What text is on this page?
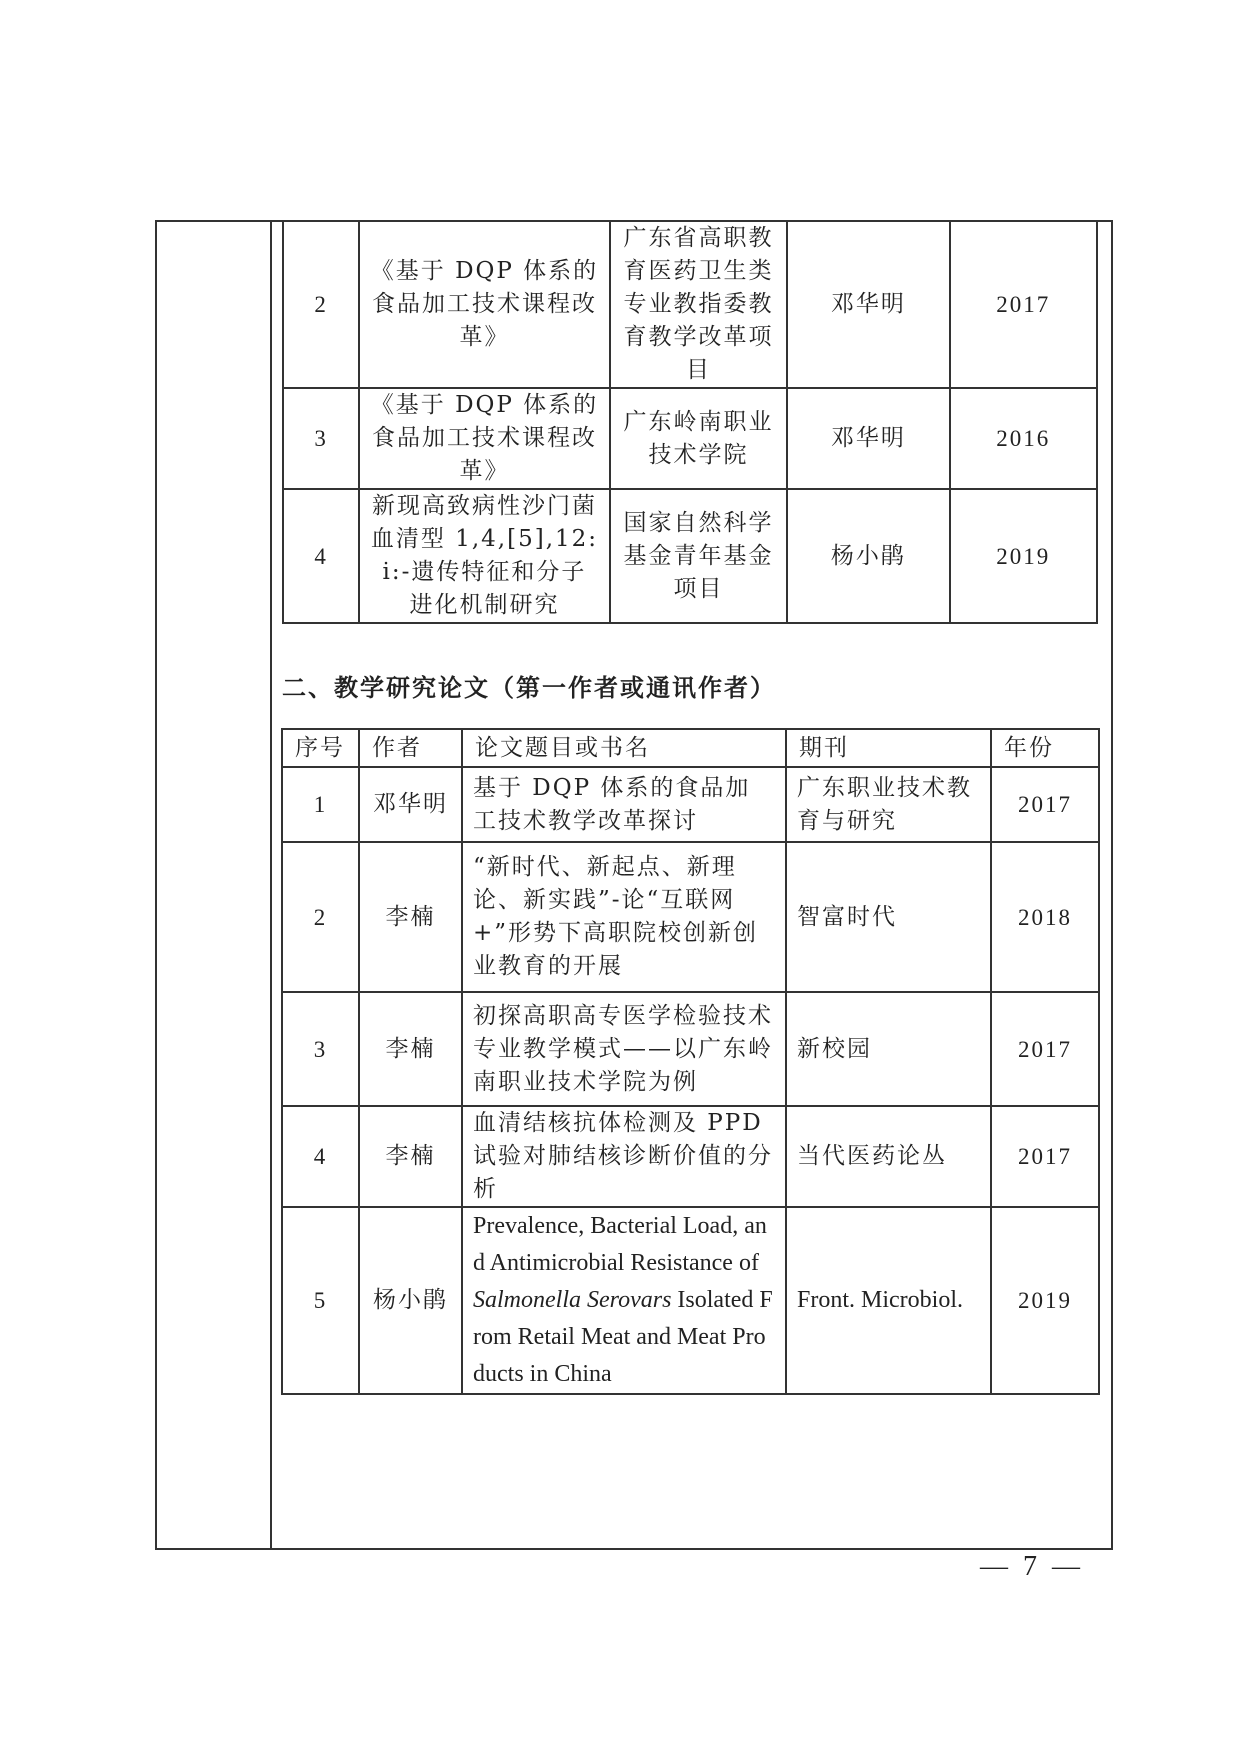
2	《基于 DQP 体系的食品加工技术课程改革》	广东省高职教育医药卫生类专业教指委教育教学改革项目	邓华明	2017
3	《基于 DQP 体系的食品加工技术课程改革》	广东岭南职业技术学院	邓华明	2016
4	新现高致病性沙门菌血清型 1,4,[5],12:i:-遗传特征和分子进化机制研究	国家自然科学基金青年基金项目	杨小鹃	2019
二、教学研究论文（第一作者或通讯作者）
序号	作者	论文题目或书名	期刊	年份
1	邓华明	基于 DQP 体系的食品加工技术教学改革探讨	广东职业技术教育与研究	2017
2	李楠	“新时代、新起点、新理论、新实践”-论“互联网+”形势下高职院校创新创业教育的开展	智富时代	2018
3	李楠	初探高职高专医学检验技术专业教学模式——以广东岭南职业技术学院为例	新校园	2017
4	李楠	血清结核抗体检测及 PPD 试验对肺结核诊断价值的分析	当代医药论丛	2017
5	杨小鹃	Prevalence, Bacterial Load, and Antimicrobial Resistance of Salmonella Serovars Isolated From Retail Meat and Meat Products in China	Front. Microbiol.	2019
— 7 —
